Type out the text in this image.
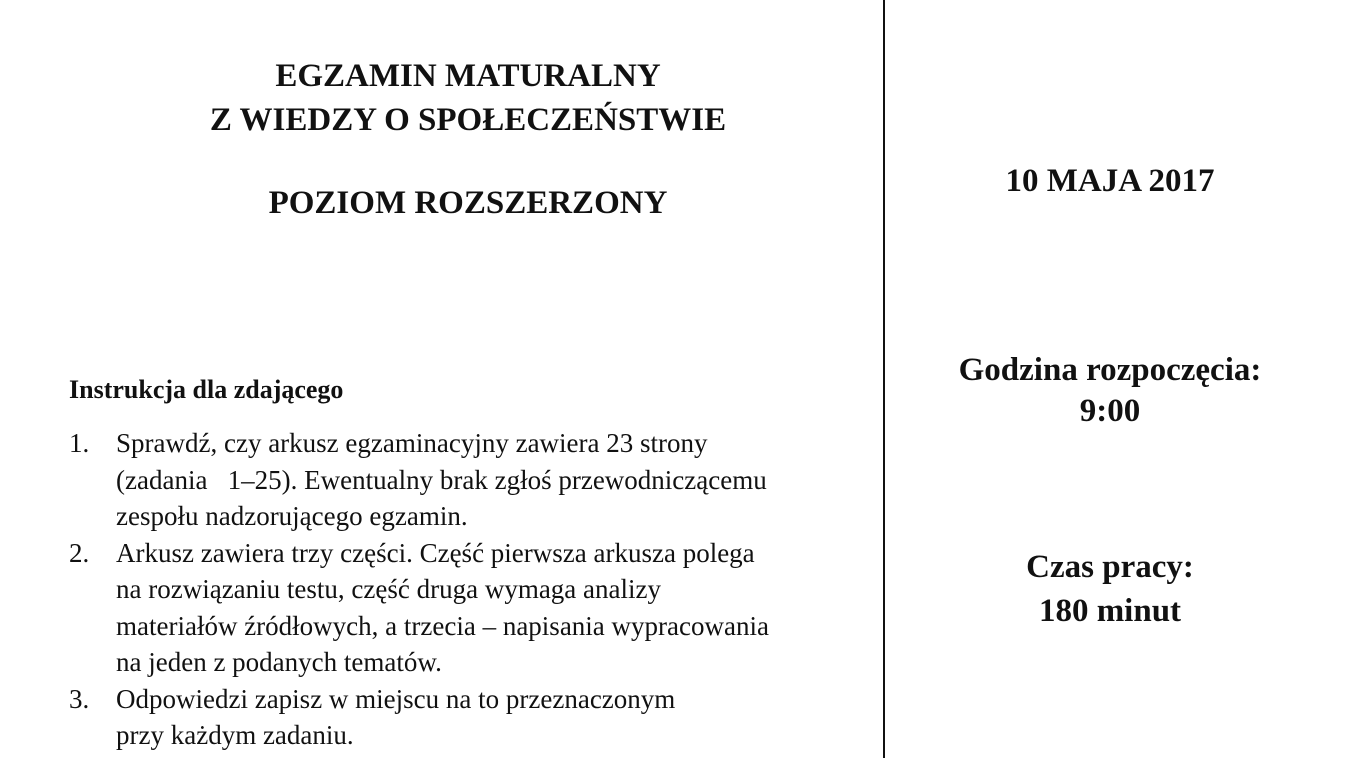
EGZAMIN MATURALNY
Z WIEDZY O SPOŁECZEŃSTWIE
POZIOM ROZSZERZONY
Instrukcja dla zdającego
1. Sprawdź, czy arkusz egzaminacyjny zawiera 23 strony
(zadania   1–25). Ewentualny brak zgłoś przewodniczącemu
zespołu nadzorującego egzamin.
2. Arkusz zawiera trzy części. Część pierwsza arkusza polega
na rozwiązaniu testu, część druga wymaga analizy
materiałów źródłowych, a trzecia – napisania wypracowania
na jeden z podanych tematów.
3. Odpowiedzi zapisz w miejscu na to przeznaczonym
przy każdym zadaniu.
10 MAJA 2017
Godzina rozpoczęcia:
9:00
Czas pracy:
180 minut
